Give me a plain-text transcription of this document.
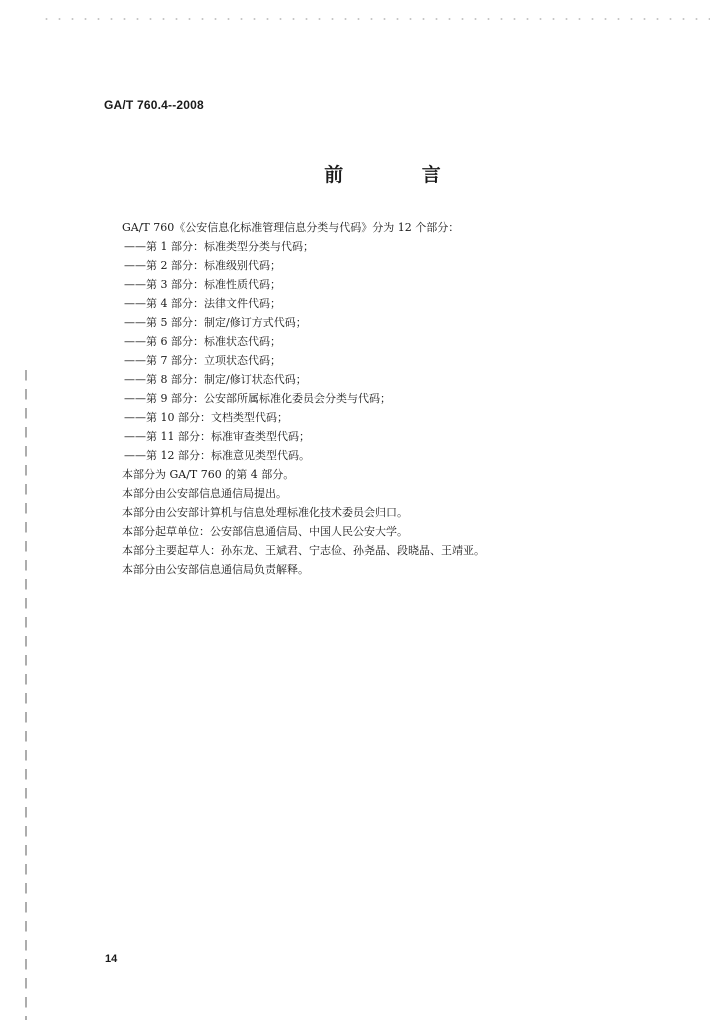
GA/T 760.4--2008
前 言
GA/T 760《公安信息化标准管理信息分类与代码》分为 12 个部分：
——第 1 部分：标准类型分类与代码；
——第 2 部分：标准级别代码；
——第 3 部分：标准性质代码；
——第 4 部分：法律文件代码；
——第 5 部分：制定/修订方式代码；
——第 6 部分：标准状态代码；
——第 7 部分：立项状态代码；
——第 8 部分：制定/修订状态代码；
——第 9 部分：公安部所属标准化委员会分类与代码；
——第 10 部分：文档类型代码；
——第 11 部分：标准审查类型代码；
——第 12 部分：标准意见类型代码。
本部分为 GA/T 760 的第 4 部分。
本部分由公安部信息通信局提出。
本部分由公安部计算机与信息处理标准化技术委员会归口。
本部分起草单位：公安部信息通信局、中国人民公安大学。
本部分主要起草人：孙东龙、王斌君、宁志俭、孙尧晶、段晓晶、王靖亚。
本部分由公安部信息通信局负责解释。
14
